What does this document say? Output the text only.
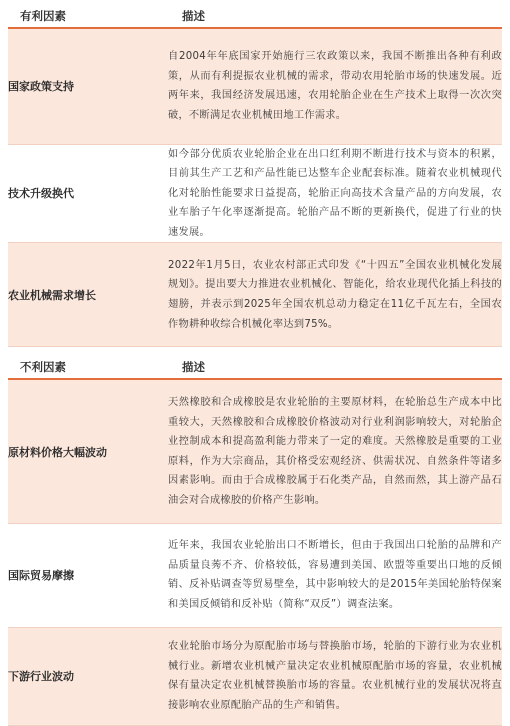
有利因素	描述
国家政策支持	自2004年年底国家开始施行三农政策以来，我国不断推出各种有利政策，从而有利提振农业机械的需求，带动农用轮胎市场的快速发展。近两年来，我国经济发展迅速，农用轮胎企业在生产技术上取得一次次突破，不断满足农业机械田地工作需求。
技术升级换代	如今部分优质农业轮胎企业在出口红利期不断进行技术与资本的积累，目前其生产工艺和产品性能已达整车企业配套标准。随着农业机械现代化对轮胎性能要求日益提高，轮胎正向高技术含量产品的方向发展，农业车胎子午化率逐渐提高。轮胎产品不断的更新换代，促进了行业的快速发展。
农业机械需求增长	2022年1月5日，农业农村部正式印发《“十四五”全国农业机械化发展规划》。提出要大力推进农业机械化、智能化，给农业现代化插上科技的翅膀，并表示到2025年全国农机总动力稳定在11亿千瓦左右，全国农作物耕种收综合机械化率达到75%。

不利因素	描述
原材料价格大幅波动	天然橡胶和合成橡胶是农业轮胎的主要原材料，在轮胎总生产成本中比重较大，天然橡胶和合成橡胶价格波动对行业利润影响较大，对轮胎企业控制成本和提高盈利能力带来了一定的难度。天然橡胶是重要的工业原料，作为大宗商品，其价格受宏观经济、供需状况、自然条件等诸多因素影响。而由于合成橡胶属于石化类产品，自然而然，其上游产品石油会对合成橡胶的价格产生影响。
国际贸易摩擦	近年来，我国农业轮胎出口不断增长，但由于我国出口轮胎的品牌和产品质量良莠不齐、价格较低，容易遭到美国、欧盟等重要出口地的反倾销、反补贴调查等贸易壁垒，其中影响较大的是2015年美国轮胎特保案和美国反倾销和反补贴（简称“双反”）调查法案。
下游行业波动	农业轮胎市场分为原配胎市场与替换胎市场，轮胎的下游行业为农业机械行业。新增农业机械产量决定农业机械原配胎市场的容量，农业机械保有量决定农业机械替换胎市场的容量。农业机械行业的发展状况将直接影响农业原配胎产品的生产和销售。
